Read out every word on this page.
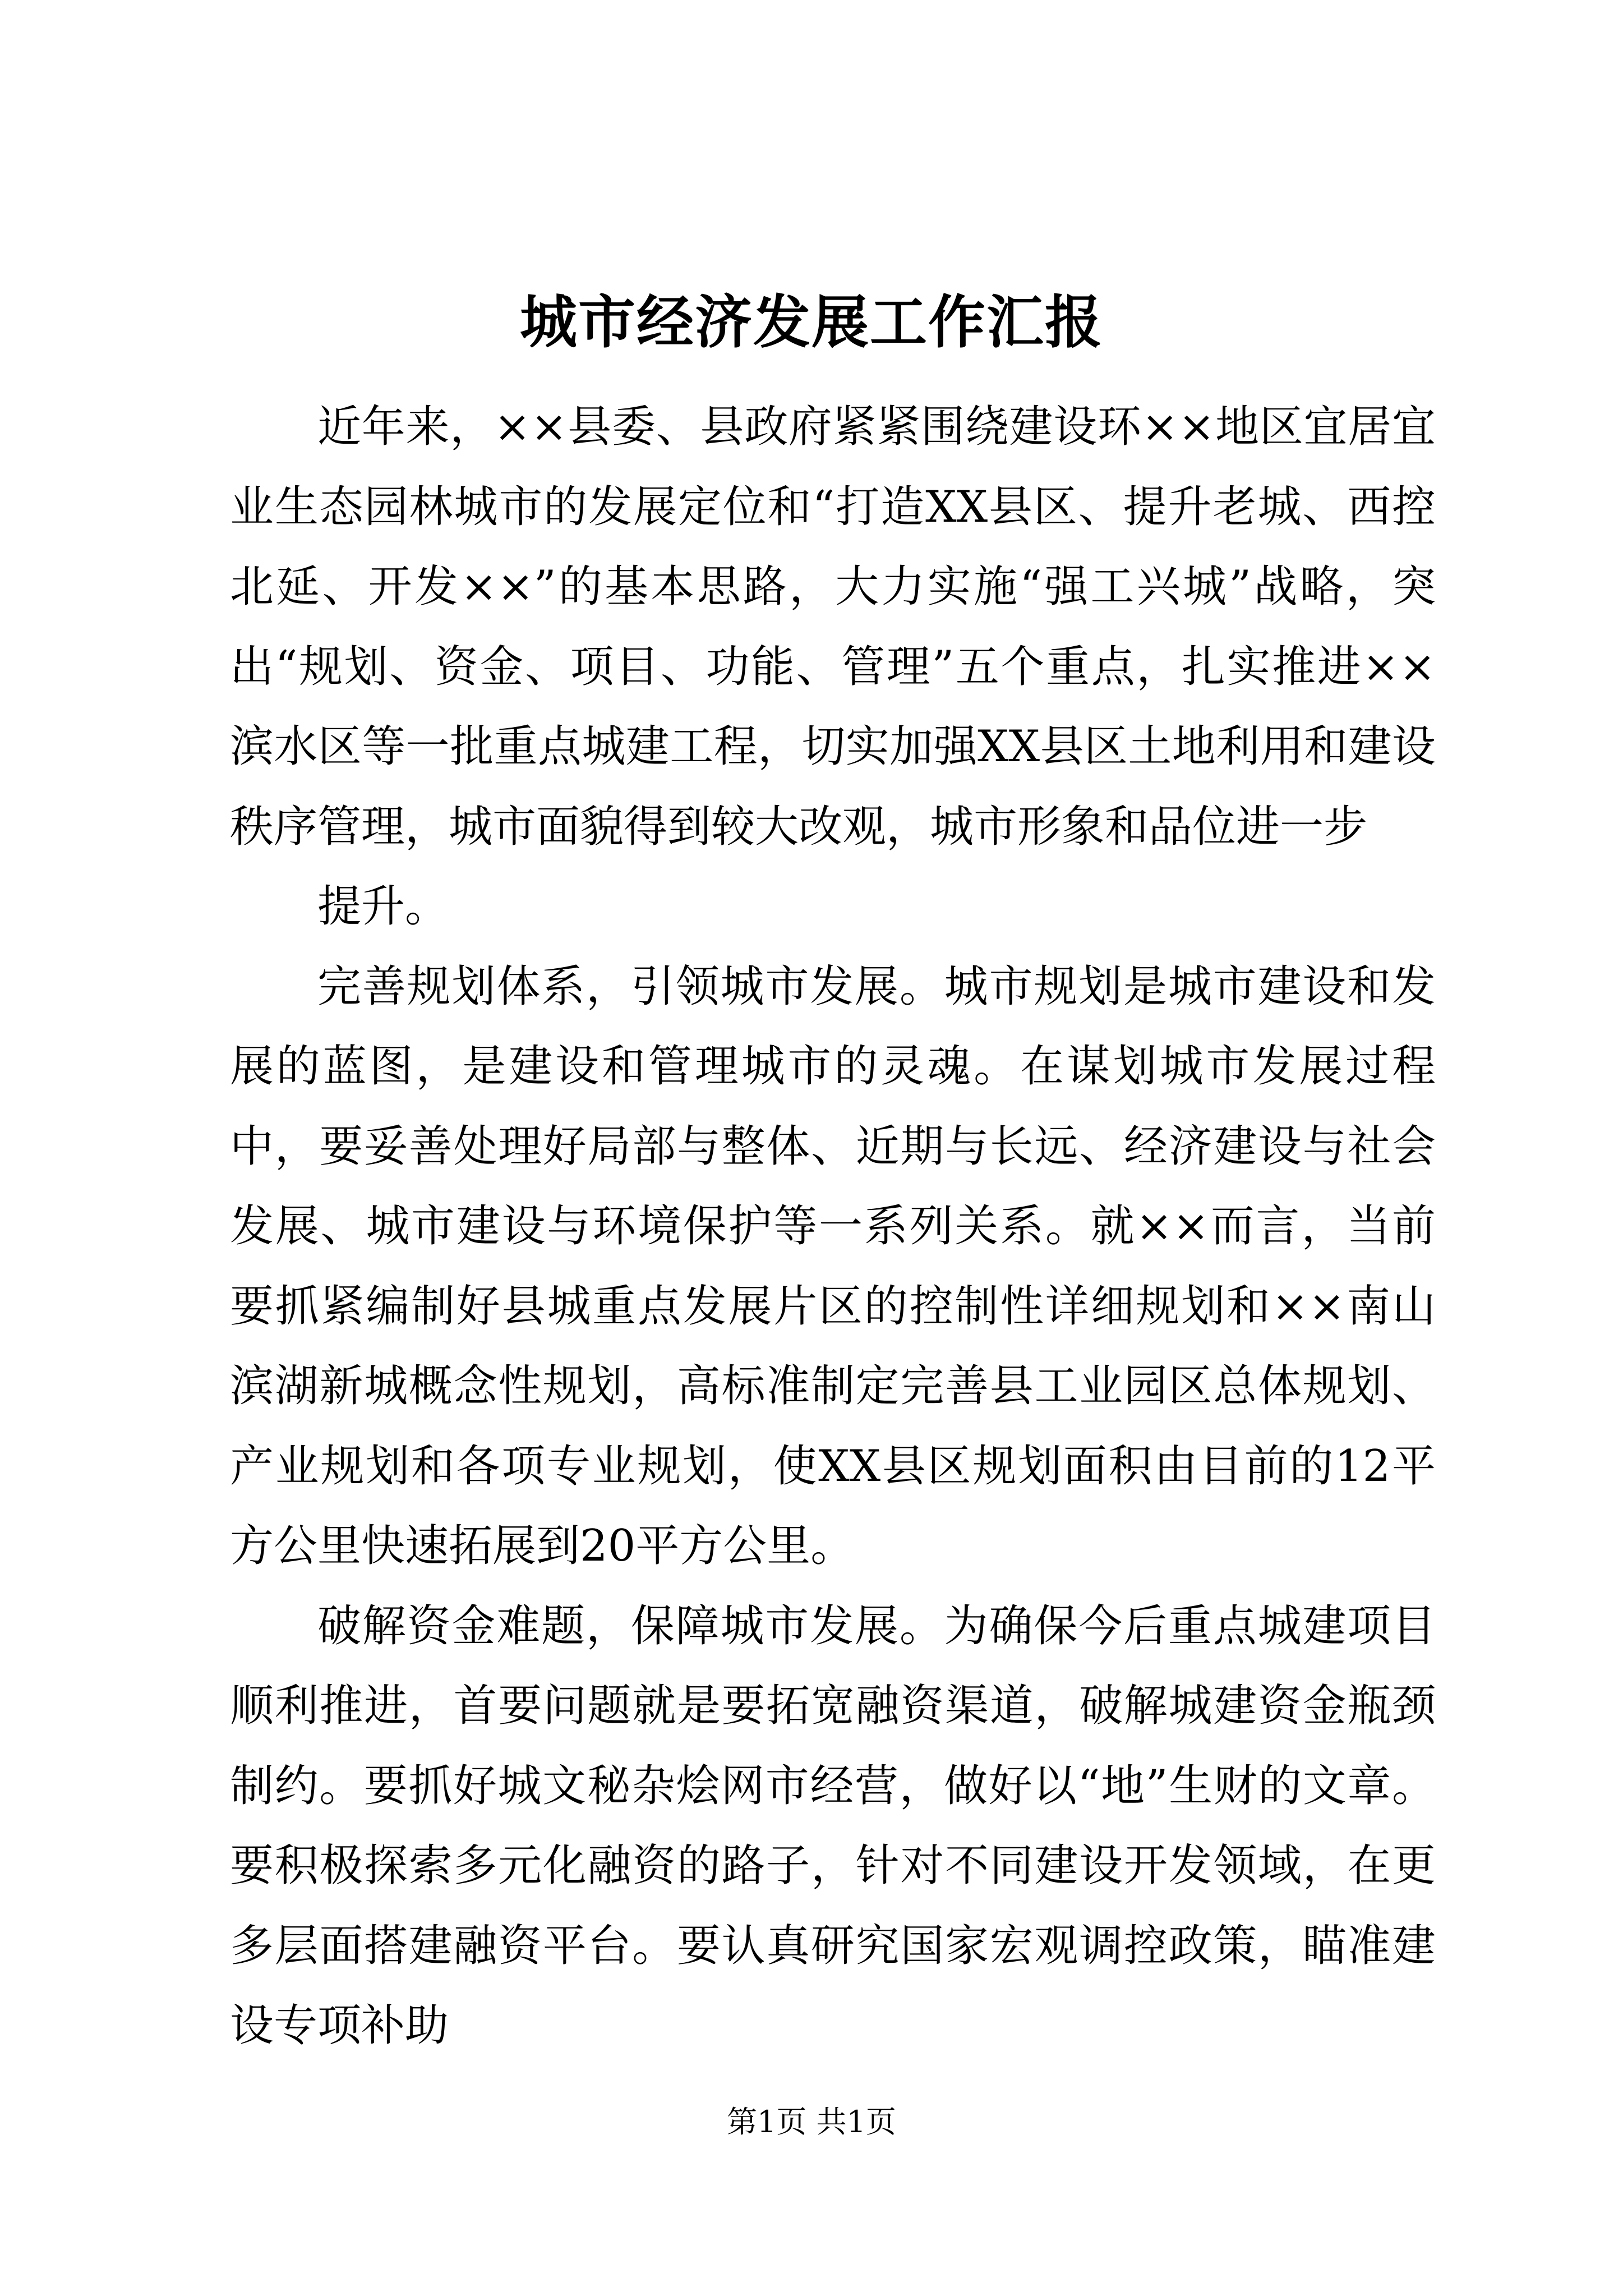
城市经济发展工作汇报

近年来，××县委、县政府紧紧围绕建设环××地区宜居宜业生态园林城市的发展定位和“打造XX县区、提升老城、西控北延、开发××”的基本思路，大力实施“强工兴城”战略，突出“规划、资金、项目、功能、管理”五个重点，扎实推进××滨水区等一批重点城建工程，切实加强XX县区土地利用和建设秩序管理，城市面貌得到较大改观，城市形象和品位进一步

提升。

完善规划体系，引领城市发展。城市规划是城市建设和发展的蓝图，是建设和管理城市的灵魂。在谋划城市发展过程中，要妥善处理好局部与整体、近期与长远、经济建设与社会发展、城市建设与环境保护等一系列关系。就××而言，当前要抓紧编制好县城重点发展片区的控制性详细规划和××南山滨湖新城概念性规划，高标准制定完善县工业园区总体规划、产业规划和各项专业规划，使XX县区规划面积由目前的12平方公里快速拓展到20平方公里。

破解资金难题，保障城市发展。为确保今后重点城建项目顺利推进，首要问题就是要拓宽融资渠道，破解城建资金瓶颈制约。要抓好城文秘杂烩网市经营，做好以“地”生财的文章。要积极探索多元化融资的路子，针对不同建设开发领域，在更多层面搭建融资平台。要认真研究国家宏观调控政策，瞄准建设专项补助

第1页 共1页
